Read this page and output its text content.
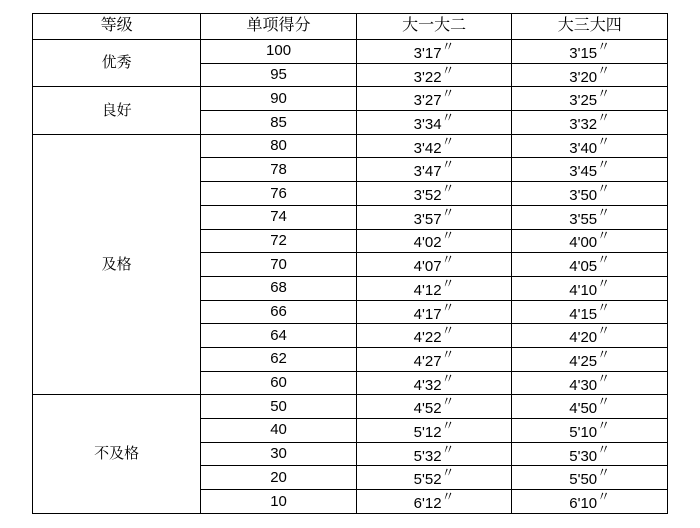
等级	单项得分	大一大二	大三大四
优秀	100	3'17〃	3'15〃
	95	3'22〃	3'20〃
良好	90	3'27〃	3'25〃
	85	3'34〃	3'32〃
及格	80	3'42〃	3'40〃
	78	3'47〃	3'45〃
	76	3'52〃	3'50〃
	74	3'57〃	3'55〃
	72	4'02〃	4'00〃
	70	4'07〃	4'05〃
	68	4'12〃	4'10〃
	66	4'17〃	4'15〃
	64	4'22〃	4'20〃
	62	4'27〃	4'25〃
	60	4'32〃	4'30〃
不及格	50	4'52〃	4'50〃
	40	5'12〃	5'10〃
	30	5'32〃	5'30〃
	20	5'52〃	5'50〃
	10	6'12〃	6'10〃
